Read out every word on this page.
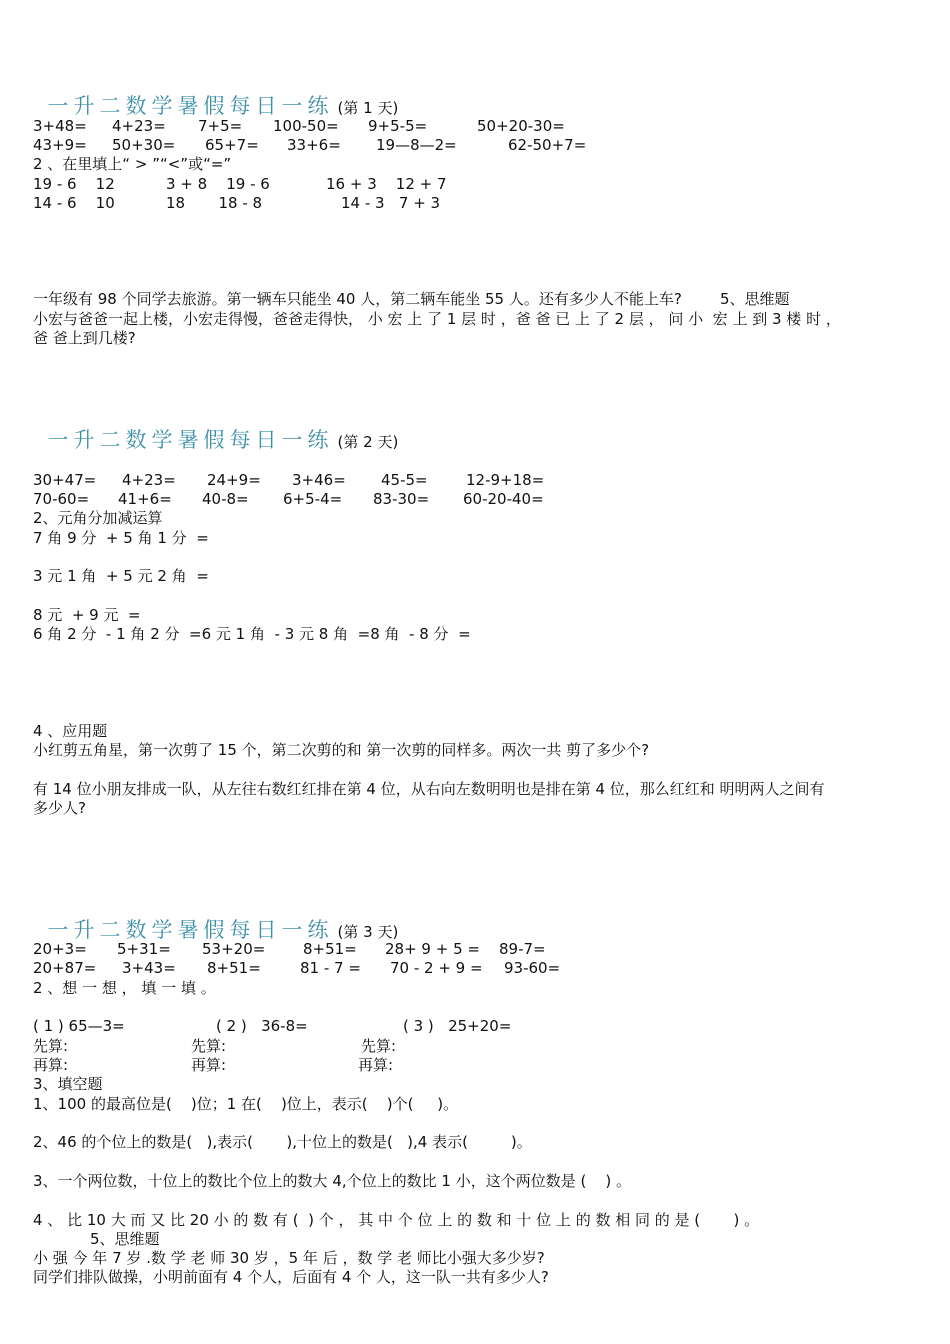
一升二数学暑假每日一练 (第 1 天)

3+48= 4+23= 7+5= 100-50= 9+5-5=	50+20-30=
43+9= 50+30= 65+7= 33+6= 19—8—2=	62-50+7=
2 、在里填上“ > ”“<”或“=”
19 - 6    12	3 + 8    19 - 6	16 + 3    12 + 7
14 - 6    10	18       18 - 8	14 - 3   7 + 3
一年级有 98 个同学去旅游。第一辆车只能坐 40 人，第二辆车能坐 55 人。还有多少人不能上车?        5、思维题
小宏与爸爸一起上楼，小宏走得慢，爸爸走得快， 小 宏 上 了 1 层 时 ，爸 爸 已 上 了 2 层 ， 问 小  宏 上 到 3 楼 时 ，
爸 爸上到几楼?

一升二数学暑假每日一练 (第 2 天)

30+47= 4+23= 24+9= 3+46= 45-5=	12-9+18=
70-60= 41+6= 40-8= 6+5-4= 83-30= 60-20-40=
2、元角分加减运算
7 角 9 分  + 5 角 1 分  =
3 元 1 角  + 5 元 2 角  =
8 元  + 9 元  =
6 角 2 分  - 1 角 2 分  =6 元 1 角  - 3 元 8 角  =8 角  - 8 分  =
4 、应用题
小红剪五角星，第一次剪了 15 个，第二次剪的和 第一次剪的同样多。两次一共 剪了多少个?
有 14 位小朋友排成一队，从左往右数红红排在第 4 位，从右向左数明明也是排在第 4 位，那么红红和 明明两人之间有
多少人?

一升二数学暑假每日一练 (第 3 天)

20+3= 5+31= 53+20=	8+51= 28+ 9 + 5 = 89-7=
20+87= 3+43= 8+51=	81 - 7 = 70 - 2 + 9 = 93-60=
2 、想 一 想 ， 填 一 填 。
( 1 ) 65—3=	( 2 )   36-8=	( 3 )   25+20=
先算:	先算:	先算:
再算:	再算:	再算:
3、填空题
1、100 的最高位是(    )位；1 在(    )位上，表示(    )个(     )。
2、46 的个位上的数是(   ),表示(       ),十位上的数是(   ),4 表示(         )。
3、一个两位数，十位上的数比个位上的数大 4,个位上的数比 1 小，这个两位数是 (    ) 。
4 、 比 10 大 而 又 比 20 小 的 数 有 (  ) 个 ， 其 中 个 位 上 的 数 和 十 位 上 的 数 相 同 的 是 (       ) 。
5、思维题
小 强 今 年 7 岁 .数 学 老 师 30 岁 ，5 年 后 ，数 学 老 师比小强大多少岁?
同学们排队做操，小明前面有 4 个人，后面有 4 个 人，这一队一共有多少人?
